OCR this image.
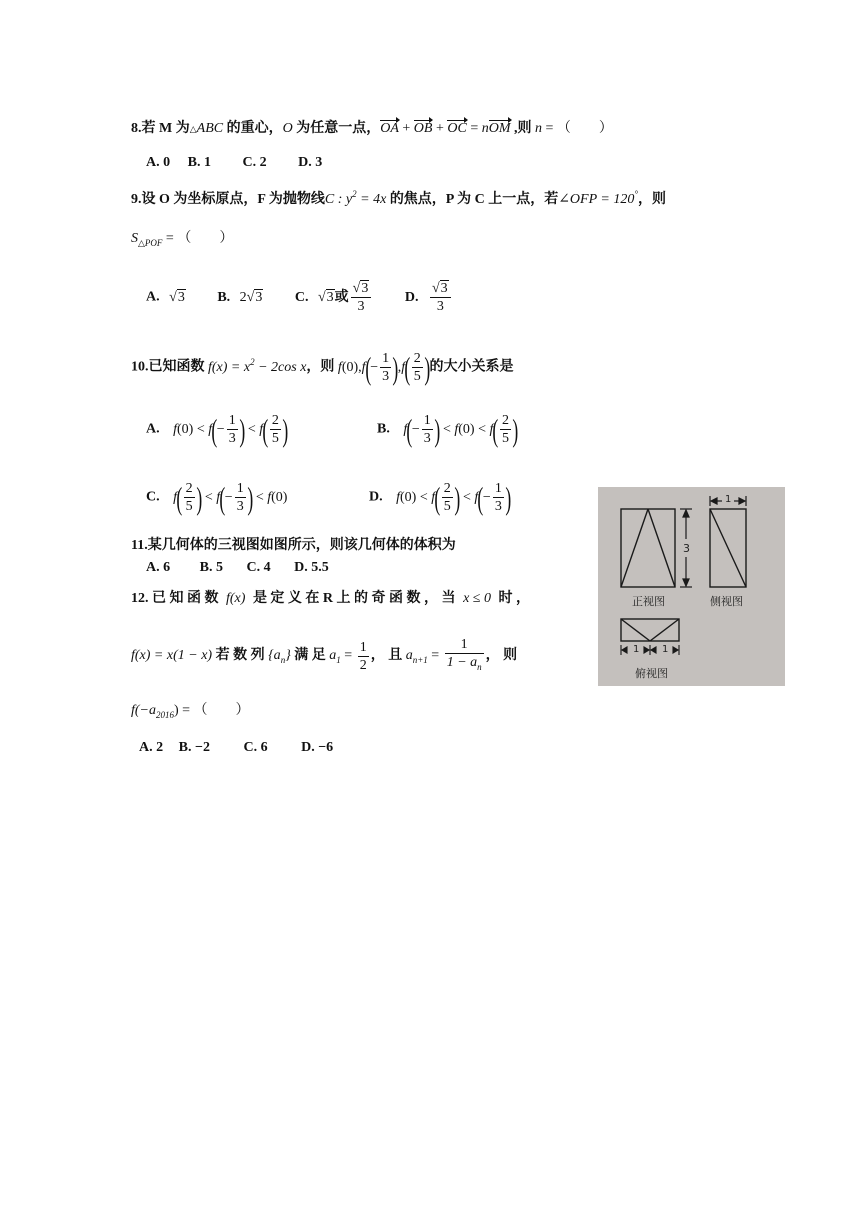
8.若 M 为△ABC 的重心，O 为任意一点，OA + OB + OC = nOM ,则 n = （　　）
A. 0 B. 1 C. 2 D. 3
9.设 O 为坐标原点，F 为抛物线C : $y^2 = 4x$ 的焦点，P 为 C 上一点，若∠OFP = 120°，则
$S_{\triangle POF}$ = （　　）
A. √3 B. 2√3 C. √3或 $\frac{√3}{3} D$. $\frac{√3}{3}$
10.已知函数 $f(x) = x^2 - 2\cos$ x，则 $f(0),f(- \frac{1}{3} ),f( \frac{2}{5}$ )的大小关系是
A. $f(0) < f(- \frac{1}{3}$ ) < $f( \frac{2}{5}$ )	B. $f(- \frac{1}{3}$ ) < $f(0) < f( \frac{2}{5}$ )
C. $f( \frac{2}{5}$ ) < $f(- \frac{1}{3}$ ) < f(0)	D. $f(0) < f( \frac{2}{5}$ ) < $f(- \frac{1}{3}$ )
11.某几何体的三视图如图所示，则该几何体的体积为
A. 6 B. 5 C. 4 D. 5.5
12. 已 知 函 数 f(x) 是 定 义 在 R 上 的 奇 函 数 ， 当 x ≤ 0 时 ，
f(x) = x(1 − x) 若 数 列 $\{a_n\}$ 满 足 $a_1 = \frac{1}{2}$ ， 且 $a_{n+1} = \frac{1}{1 - a_n}$ ， 则
$f(-a_{2016})$ = （　　）
A. 2 B. −2 C. 6 D. −6
3
1
1 1
正视图	侧视图
俯视图
